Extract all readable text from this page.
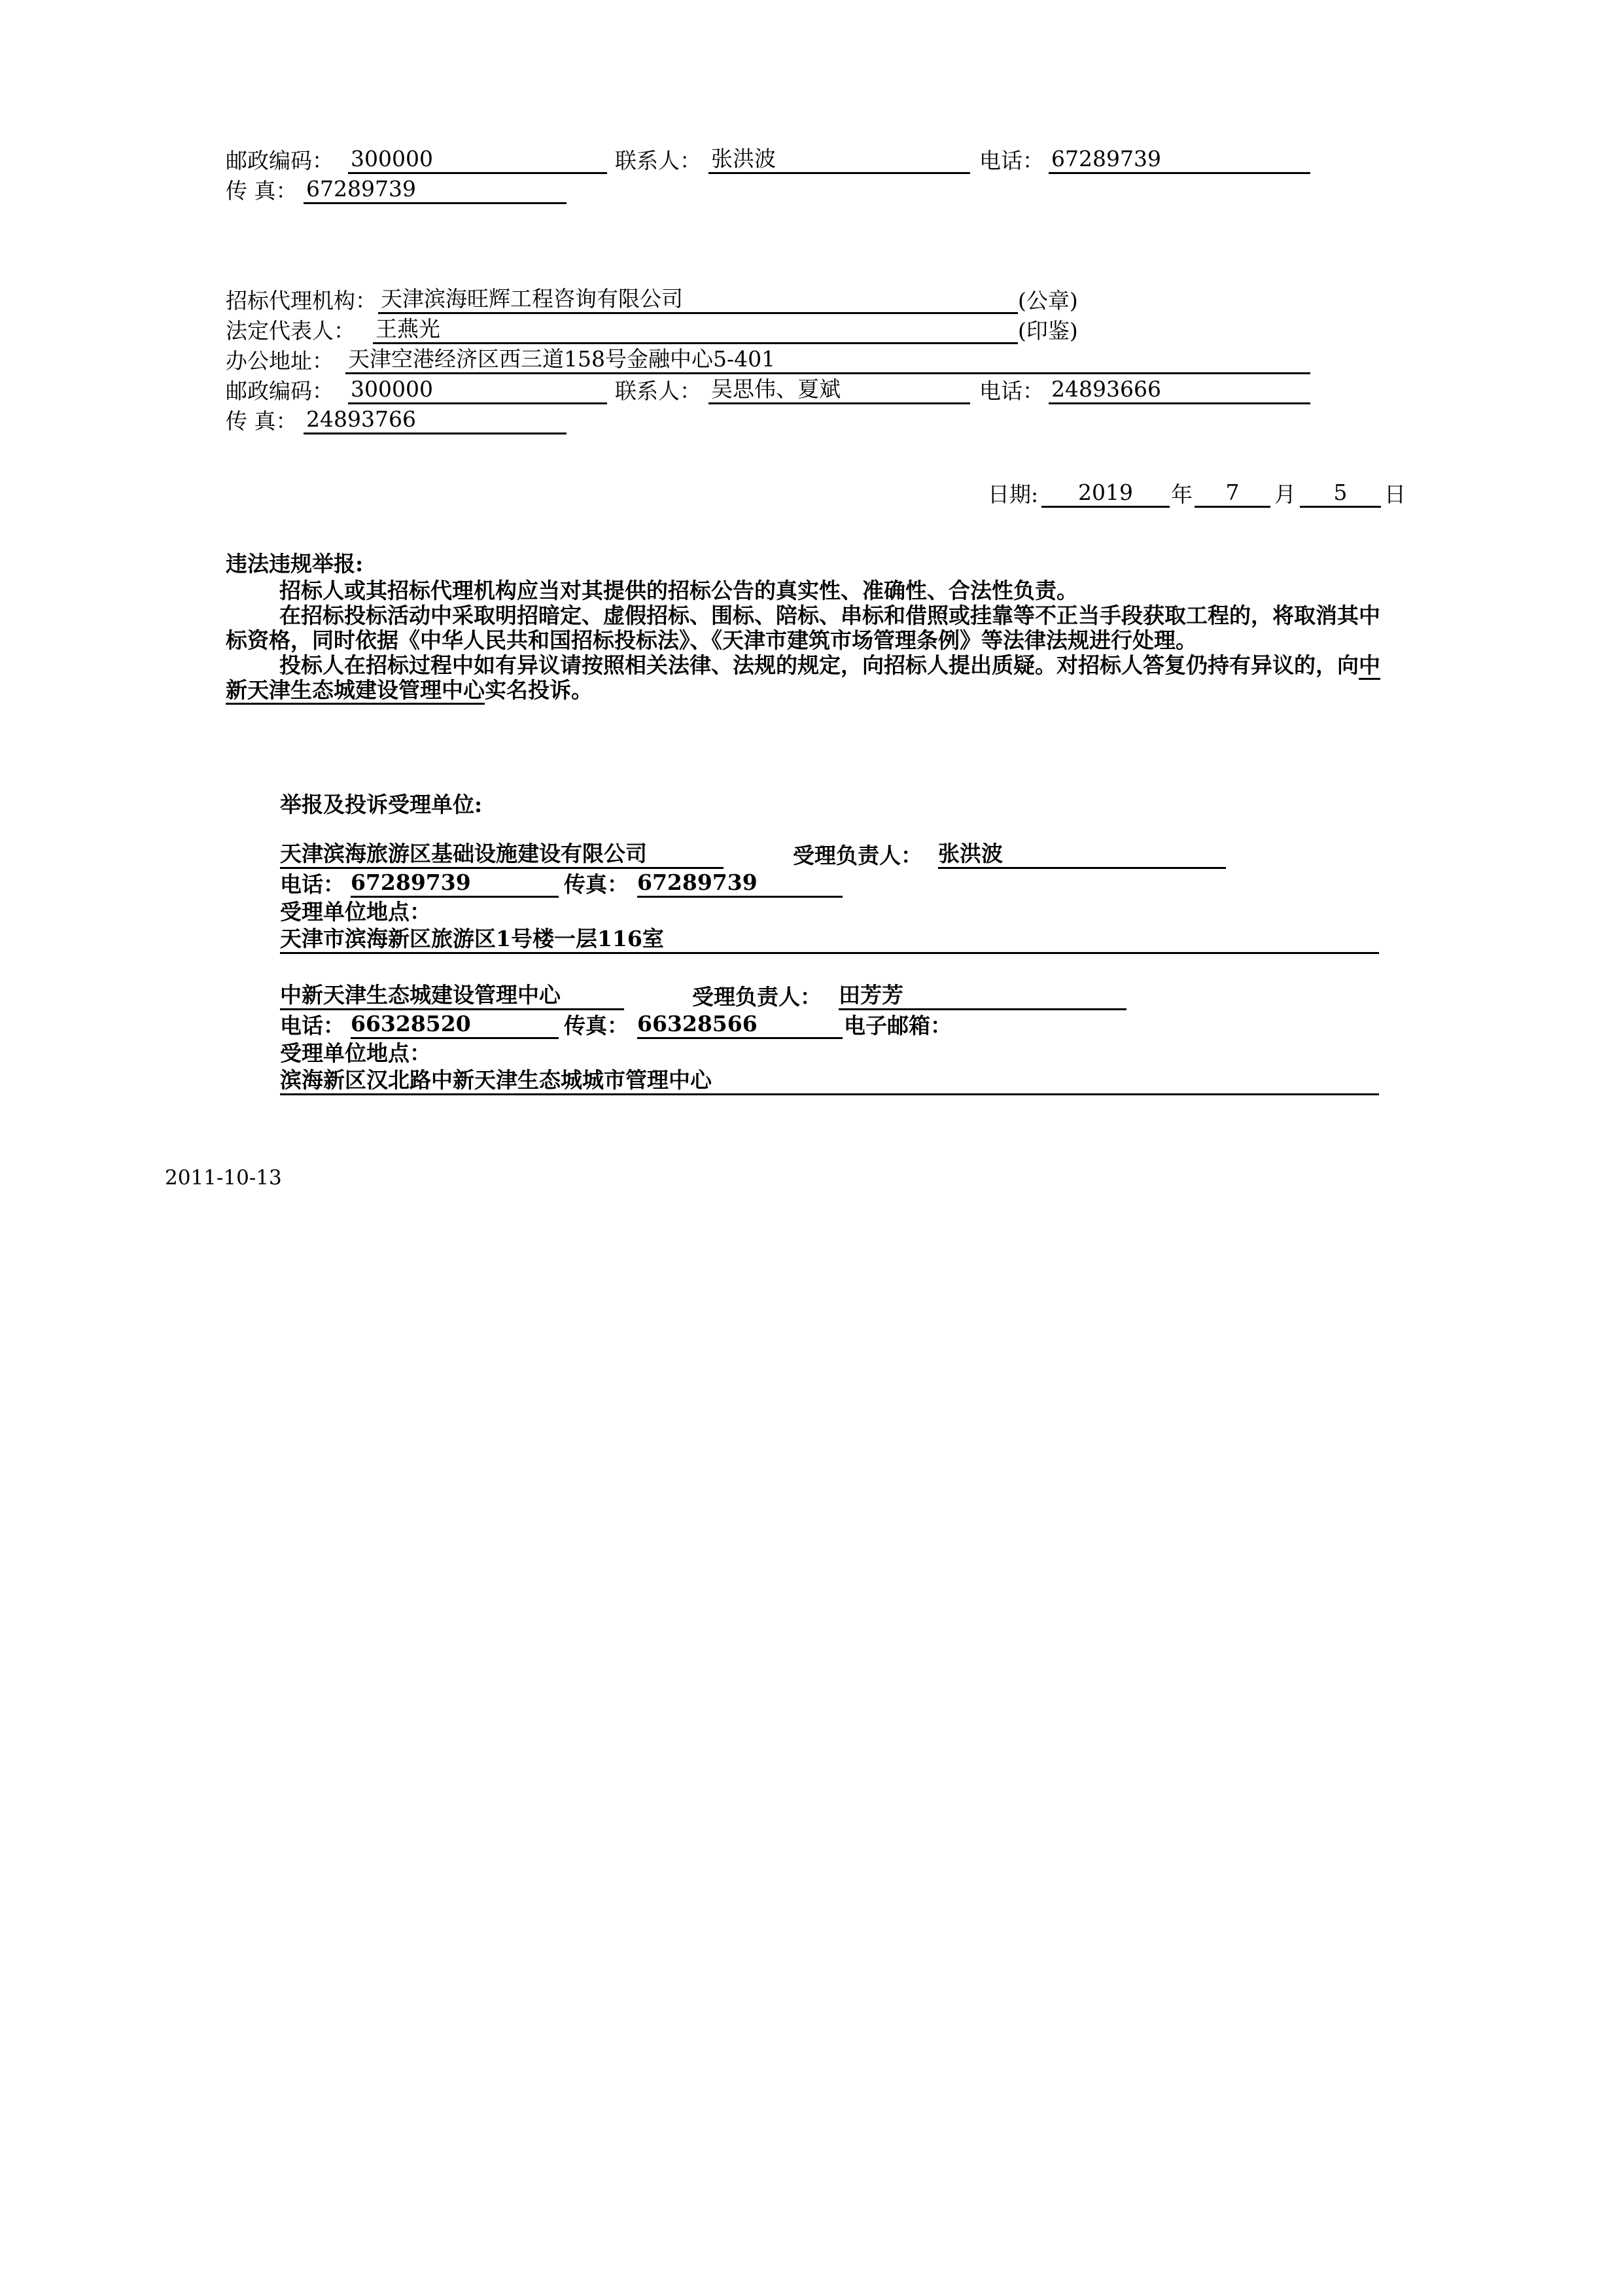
邮政编码： 300000	联系人： 张洪波	电话： 67289739
传 真： 67289739
招标代理机构： 天津滨海旺辉工程咨询有限公司	(公章)
法定代表人： 王燕光	(印鉴)
办公地址： 天津空港经济区西三道158号金融中心5-401
邮政编码： 300000	联系人： 吴思伟、夏斌	电话： 24893666
传 真： 24893766
日期:	2019	年	7	月	5	日
违法违规举报:

招标人或其招标代理机构应当对其提供的招标公告的真实性、准确性、合法性负责。

在招标投标活动中采取明招暗定、虚假招标、围标、陪标、串标和借照或挂靠等不正当手段获取工程的，将取消其中标资格，同时依据《中华人民共和国招标投标法》、《天津市建筑市场管理条例》等法律法规进行处理。

投标人在招标过程中如有异议请按照相关法律、法规的规定，向招标人提出质疑。对招标人答复仍持有异议的，向中新天津生态城建设管理中心实名投诉。

举报及投诉受理单位:
天津滨海旅游区基础设施建设有限公司	受理负责人： 张洪波
电话： 67289739	传真： 67289739
受理单位地点：
天津市滨海新区旅游区1号楼一层116室
中新天津生态城建设管理中心	受理负责人： 田芳芳
电话： 66328520	传真： 66328566	电子邮箱：
受理单位地点：
滨海新区汉北路中新天津生态城城市管理中心
2011-10-13
